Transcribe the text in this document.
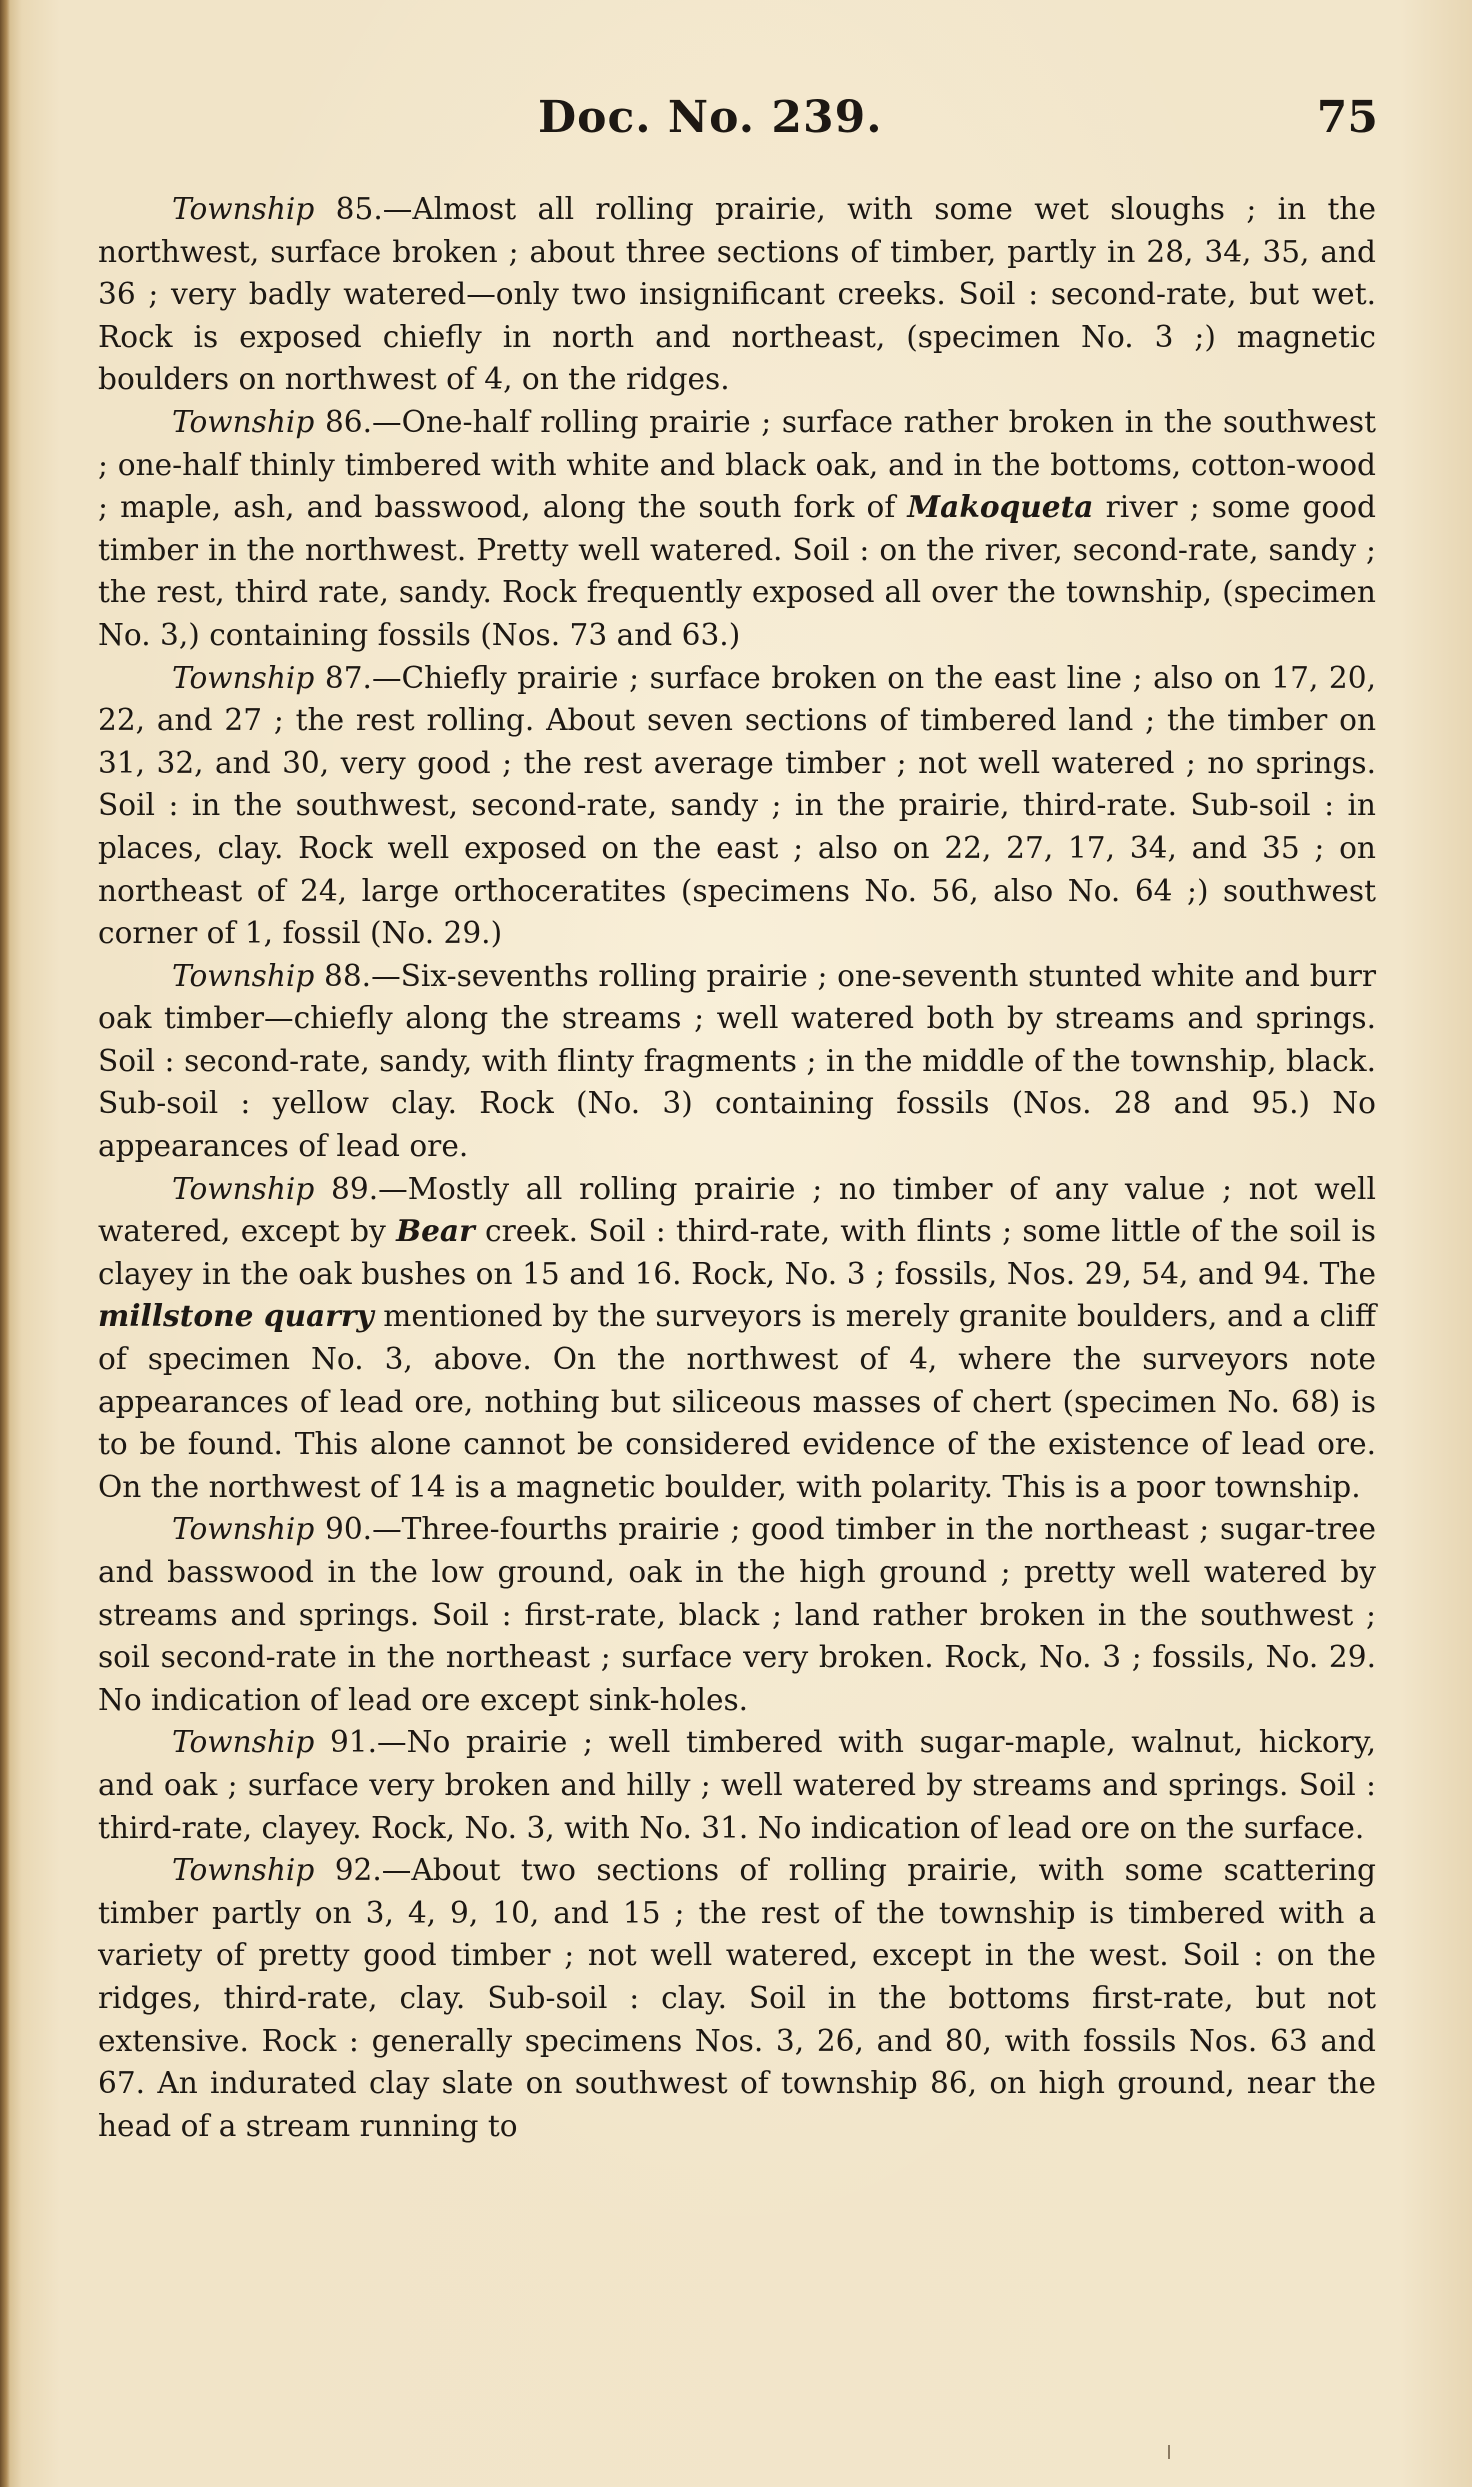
Doc. No. 239.	75

Township 85.—Almost all rolling prairie, with some wet sloughs ; in the northwest, surface broken ; about three sections of timber, partly in 28, 34, 35, and 36 ; very badly watered—only two insignificant creeks. Soil : second-rate, but wet. Rock is exposed chiefly in north and northeast, (specimen No. 3 ;) magnetic boulders on northwest of 4, on the ridges.

Township 86.—One-half rolling prairie ; surface rather broken in the southwest ; one-half thinly timbered with white and black oak, and in the bottoms, cotton-wood ; maple, ash, and basswood, along the south fork of Makoqueta river ; some good timber in the northwest. Pretty well watered. Soil : on the river, second-rate, sandy ; the rest, third rate, sandy. Rock frequently exposed all over the township, (specimen No. 3,) containing fossils (Nos. 73 and 63.)

Township 87.—Chiefly prairie ; surface broken on the east line ; also on 17, 20, 22, and 27 ; the rest rolling. About seven sections of timbered land ; the timber on 31, 32, and 30, very good ; the rest average timber ; not well watered ; no springs. Soil : in the southwest, second-rate, sandy ; in the prairie, third-rate. Sub-soil : in places, clay. Rock well exposed on the east ; also on 22, 27, 17, 34, and 35 ; on northeast of 24, large orthoceratites (specimens No. 56, also No. 64 ;) southwest corner of 1, fossil (No. 29.)

Township 88.—Six-sevenths rolling prairie ; one-seventh stunted white and burr oak timber—chiefly along the streams ; well watered both by streams and springs. Soil : second-rate, sandy, with flinty fragments ; in the middle of the township, black. Sub-soil : yellow clay. Rock (No. 3) containing fossils (Nos. 28 and 95.) No appearances of lead ore.

Township 89.—Mostly all rolling prairie ; no timber of any value ; not well watered, except by Bear creek. Soil : third-rate, with flints ; some little of the soil is clayey in the oak bushes on 15 and 16. Rock, No. 3 ; fossils, Nos. 29, 54, and 94. The millstone quarry mentioned by the surveyors is merely granite boulders, and a cliff of specimen No. 3, above. On the northwest of 4, where the surveyors note appearances of lead ore, nothing but siliceous masses of chert (specimen No. 68) is to be found. This alone cannot be considered evidence of the existence of lead ore. On the northwest of 14 is a magnetic boulder, with polarity. This is a poor township.

Township 90.—Three-fourths prairie ; good timber in the northeast ; sugar-tree and basswood in the low ground, oak in the high ground ; pretty well watered by streams and springs. Soil : first-rate, black ; land rather broken in the southwest ; soil second-rate in the northeast ; surface very broken. Rock, No. 3 ; fossils, No. 29. No indication of lead ore except sink-holes.

Township 91.—No prairie ; well timbered with sugar-maple, walnut, hickory, and oak ; surface very broken and hilly ; well watered by streams and springs. Soil : third-rate, clayey. Rock, No. 3, with No. 31. No indication of lead ore on the surface.

Township 92.—About two sections of rolling prairie, with some scattering timber partly on 3, 4, 9, 10, and 15 ; the rest of the township is timbered with a variety of pretty good timber ; not well watered, except in the west. Soil : on the ridges, third-rate, clay. Sub-soil : clay. Soil in the bottoms first-rate, but not extensive. Rock : generally specimens Nos. 3, 26, and 80, with fossils Nos. 63 and 67. An indurated clay slate on southwest of township 86, on high ground, near the head of a stream running to
